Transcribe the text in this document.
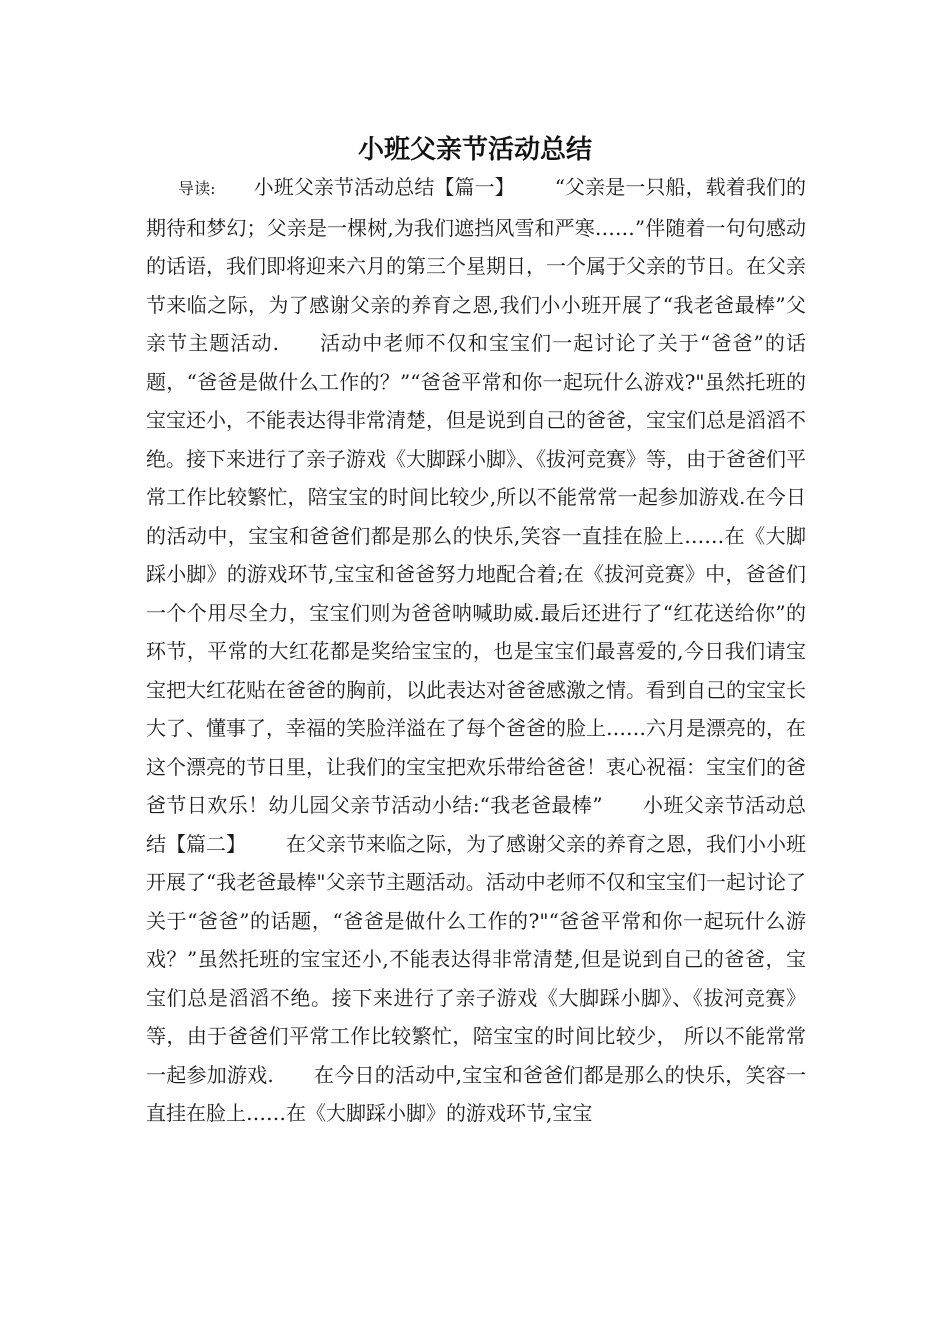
小班父亲节活动总结

导读: 小班父亲节活动总结【篇一】 “父亲是一只船，载着我们的期待和梦幻；父亲是一棵树,为我们遮挡风雪和严寒……”伴随着一句句感动的话语，我们即将迎来六月的第三个星期日，一个属于父亲的节日。在父亲节来临之际，为了感谢父亲的养育之恩,我们小小班开展了“我老爸最棒”父亲节主题活动. 活动中老师不仅和宝宝们一起讨论了关于“爸爸”的话题，“爸爸是做什么工作的？”“爸爸平常和你一起玩什么游戏?"虽然托班的宝宝还小，不能表达得非常清楚，但是说到自己的爸爸，宝宝们总是滔滔不绝。接下来进行了亲子游戏《大脚踩小脚》、《拔河竞赛》等，由于爸爸们平常工作比较繁忙，陪宝宝的时间比较少,所以不能常常一起参加游戏.在今日的活动中，宝宝和爸爸们都是那么的快乐,笑容一直挂在脸上……在《大脚踩小脚》的游戏环节,宝宝和爸爸努力地配合着;在《拔河竞赛》中，爸爸们一个个用尽全力，宝宝们则为爸爸呐喊助威.最后还进行了“红花送给你”的环节，平常的大红花都是奖给宝宝的，也是宝宝们最喜爱的,今日我们请宝宝把大红花贴在爸爸的胸前，以此表达对爸爸感激之情。看到自己的宝宝长大了、懂事了，幸福的笑脸洋溢在了每个爸爸的脸上……六月是漂亮的，在这个漂亮的节日里，让我们的宝宝把欢乐带给爸爸！衷心祝福：宝宝们的爸爸节日欢乐！幼儿园父亲节活动小结:“我老爸最棒” 小班父亲节活动总结【篇二】 在父亲节来临之际，为了感谢父亲的养育之恩，我们小小班开展了“我老爸最棒"父亲节主题活动。活动中老师不仅和宝宝们一起讨论了关于“爸爸”的话题，“爸爸是做什么工作的?"“爸爸平常和你一起玩什么游戏？”虽然托班的宝宝还小,不能表达得非常清楚,但是说到自己的爸爸，宝宝们总是滔滔不绝。接下来进行了亲子游戏《大脚踩小脚》、《拔河竞赛》等，由于爸爸们平常工作比较繁忙，陪宝宝的时间比较少， 所以不能常常一起参加游戏. 在今日的活动中,宝宝和爸爸们都是那么的快乐，笑容一直挂在脸上……在《大脚踩小脚》的游戏环节,宝宝
